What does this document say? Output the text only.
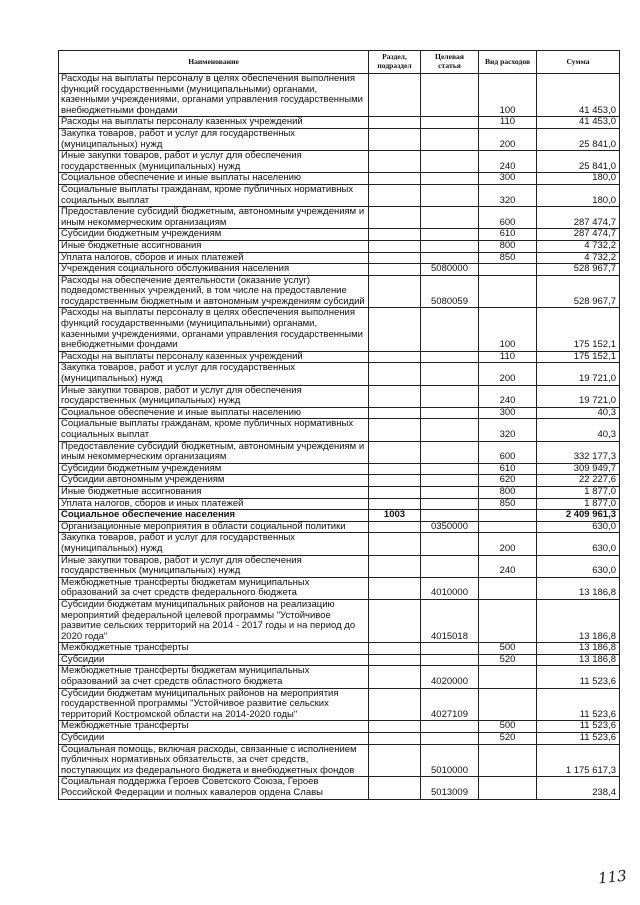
Наименование	Раздел, подраздел	Целевая статья	Вид расходов	Сумма
Расходы на выплаты персоналу в целях обеспечения выполнения функций государственными (муниципальными) органами, казенными учреждениями, органами управления государственными внебюджетными фондами			100	41 453,0
Расходы на выплаты персоналу казенных учреждений			110	41 453,0
Закупка товаров, работ и услуг для государственных (муниципальных) нужд			200	25 841,0
Иные закупки товаров, работ и услуг для обеспечения государственных (муниципальных) нужд			240	25 841,0
Социальное обеспечение и иные выплаты населению			300	180,0
Социальные выплаты гражданам, кроме публичных нормативных социальных выплат			320	180,0
Предоставление субсидий бюджетным, автономным учреждениям и иным некоммерческим организациям			600	287 474,7
Субсидии бюджетным учреждениям			610	287 474,7
Иные бюджетные ассигнования			800	4 732,2
Уплата налогов, сборов и иных платежей			850	4 732,2
Учреждения социального обслуживания населения		5080000		528 967,7
Расходы на обеспечение деятельности (оказание услуг) подведомственных учреждений, в том числе на предоставление государственным бюджетным и автономным учреждениям субсидий		5080059		528 967,7
Расходы на выплаты персоналу в целях обеспечения выполнения функций государственными (муниципальными) органами, казенными учреждениями, органами управления государственными внебюджетными фондами			100	175 152,1
Расходы на выплаты персоналу казенных учреждений			110	175 152,1
Закупка товаров, работ и услуг для государственных (муниципальных) нужд			200	19 721,0
Иные закупки товаров, работ и услуг для обеспечения государственных (муниципальных) нужд			240	19 721,0
Социальное обеспечение и иные выплаты населению			300	40,3
Социальные выплаты гражданам, кроме публичных нормативных социальных выплат			320	40,3
Предоставление субсидий бюджетным, автономным учреждениям и иным некоммерческим организациям			600	332 177,3
Субсидии бюджетным учреждениям			610	309 949,7
Субсидии автономным учреждениям			620	22 227,6
Иные бюджетные ассигнования			800	1 877,0
Уплата налогов, сборов и иных платежей			850	1 877,0
Социальное обеспечение населения	1003			2 409 961,3
Организационные мероприятия в области социальной политики		0350000		630,0
Закупка товаров, работ и услуг для государственных (муниципальных) нужд			200	630,0
Иные закупки товаров, работ и услуг для обеспечения государственных (муниципальных) нужд			240	630,0
Межбюджетные трансферты бюджетам муниципальных образований за счет средств федерального бюджета		4010000		13 186,8
Субсидии бюджетам муниципальных районов на реализацию мероприятий федеральной целевой программы "Устойчивое развитие сельских территорий на 2014 - 2017 годы и на период до 2020 года"		4015018		13 186,8
Межбюджетные трансферты			500	13 186,8
Субсидии			520	13 186,8
Межбюджетные трансферты бюджетам муниципальных образований за счет средств областного бюджета		4020000		11 523,6
Субсидии бюджетам муниципальных районов на мероприятия государственной программы "Устойчивое развитие сельских территорий Костромской области на 2014-2020 годы"		4027109		11 523,6
Межбюджетные трансферты			500	11 523,6
Субсидии			520	11 523,6
Социальная помощь, включая расходы, связанные с исполнением публичных нормативных обязательств, за счет средств, поступающих из федерального бюджета и внебюджетных фондов		5010000		1 175 617,3
Социальная поддержка Героев Советского Союза, Героев Российской Федерации и полных кавалеров ордена Славы		5013009		238,4
113
